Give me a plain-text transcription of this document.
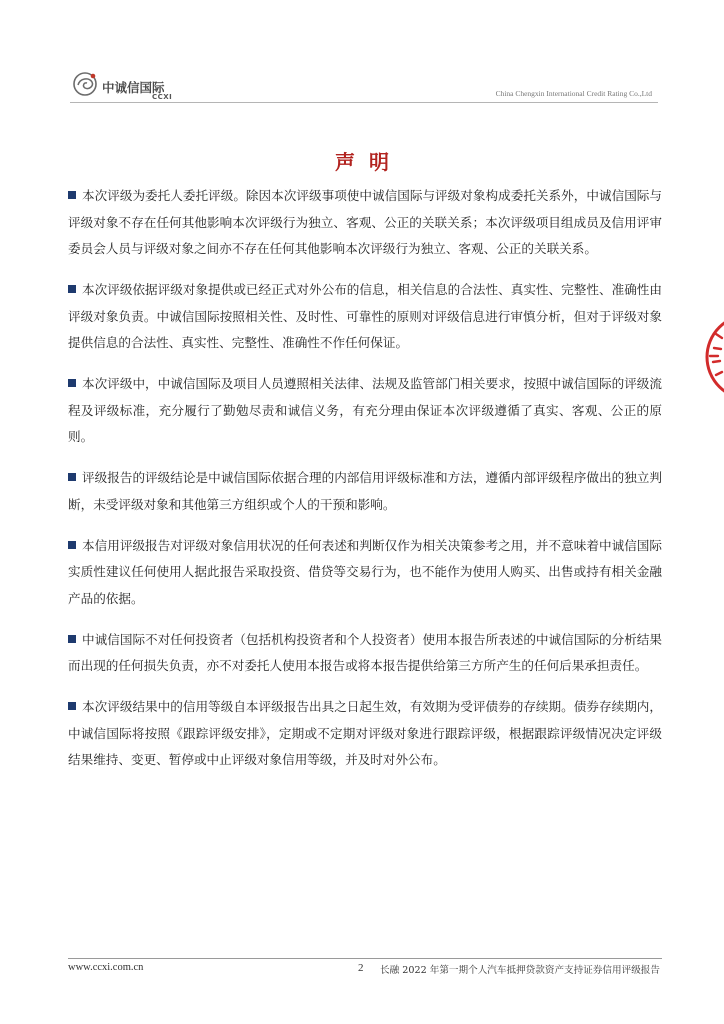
中诚信国际
CCXI	China Chengxin International Credit Rating Co.,Ltd
声明

本次评级为委托人委托评级。除因本次评级事项使中诚信国际与评级对象构成委托关系外，中诚信国际与评级对象不存在任何其他影响本次评级行为独立、客观、公正的关联关系；本次评级项目组成员及信用评审委员会人员与评级对象之间亦不存在任何其他影响本次评级行为独立、客观、公正的关联关系。

本次评级依据评级对象提供或已经正式对外公布的信息，相关信息的合法性、真实性、完整性、准确性由评级对象负责。中诚信国际按照相关性、及时性、可靠性的原则对评级信息进行审慎分析，但对于评级对象提供信息的合法性、真实性、完整性、准确性不作任何保证。

本次评级中，中诚信国际及项目人员遵照相关法律、法规及监管部门相关要求，按照中诚信国际的评级流程及评级标准，充分履行了勤勉尽责和诚信义务，有充分理由保证本次评级遵循了真实、客观、公正的原则。

评级报告的评级结论是中诚信国际依据合理的内部信用评级标准和方法，遵循内部评级程序做出的独立判断，未受评级对象和其他第三方组织或个人的干预和影响。

本信用评级报告对评级对象信用状况的任何表述和判断仅作为相关决策参考之用，并不意味着中诚信国际实质性建议任何使用人据此报告采取投资、借贷等交易行为，也不能作为使用人购买、出售或持有相关金融产品的依据。

中诚信国际不对任何投资者（包括机构投资者和个人投资者）使用本报告所表述的中诚信国际的分析结果而出现的任何损失负责，亦不对委托人使用本报告或将本报告提供给第三方所产生的任何后果承担责任。

本次评级结果中的信用等级自本评级报告出具之日起生效，有效期为受评债券的存续期。债券存续期内，中诚信国际将按照《跟踪评级安排》，定期或不定期对评级对象进行跟踪评级，根据跟踪评级情况决定评级结果维持、变更、暂停或中止评级对象信用等级，并及时对外公布。

www.ccxi.com.cn	2 长融 2022 年第一期个人汽车抵押贷款资产支持证券信用评级报告
